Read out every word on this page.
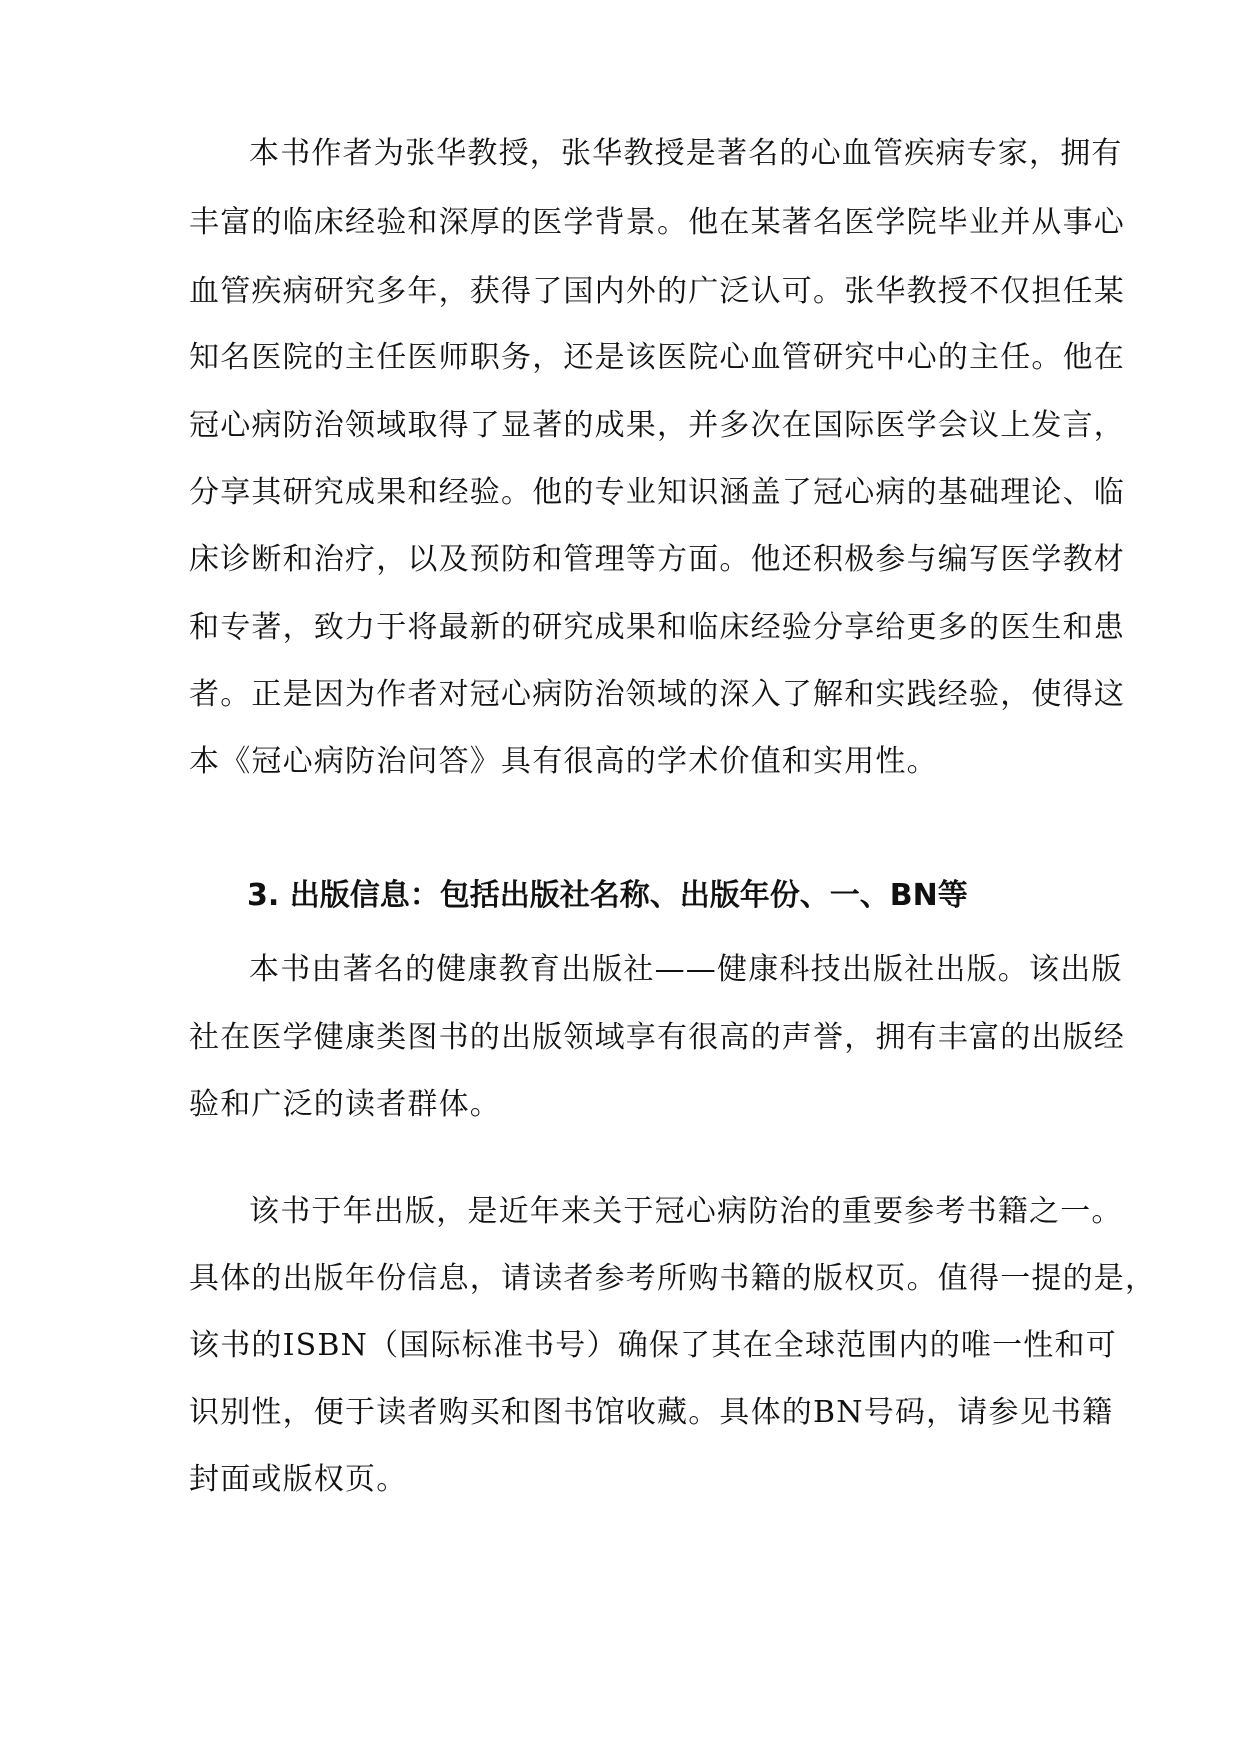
本书作者为张华教授，张华教授是著名的心血管疾病专家，拥有
丰富的临床经验和深厚的医学背景。他在某著名医学院毕业并从事心
血管疾病研究多年，获得了国内外的广泛认可。张华教授不仅担任某
知名医院的主任医师职务，还是该医院心血管研究中心的主任。他在
冠心病防治领域取得了显著的成果，并多次在国际医学会议上发言，
分享其研究成果和经验。他的专业知识涵盖了冠心病的基础理论、临
床诊断和治疗，以及预防和管理等方面。他还积极参与编写医学教材
和专著，致力于将最新的研究成果和临床经验分享给更多的医生和患
者。正是因为作者对冠心病防治领域的深入了解和实践经验，使得这
本《冠心病防治问答》具有很高的学术价值和实用性。
3. 出版信息：包括出版社名称、出版年份、一、BN等
本书由著名的健康教育出版社——健康科技出版社出版。该出版
社在医学健康类图书的出版领域享有很高的声誉，拥有丰富的出版经
验和广泛的读者群体。
该书于年出版，是近年来关于冠心病防治的重要参考书籍之一。
具体的出版年份信息，请读者参考所购书籍的版权页。值得一提的是，
该书的ISBN（国际标准书号）确保了其在全球范围内的唯一性和可
识别性，便于读者购买和图书馆收藏。具体的BN号码，请参见书籍
封面或版权页。
